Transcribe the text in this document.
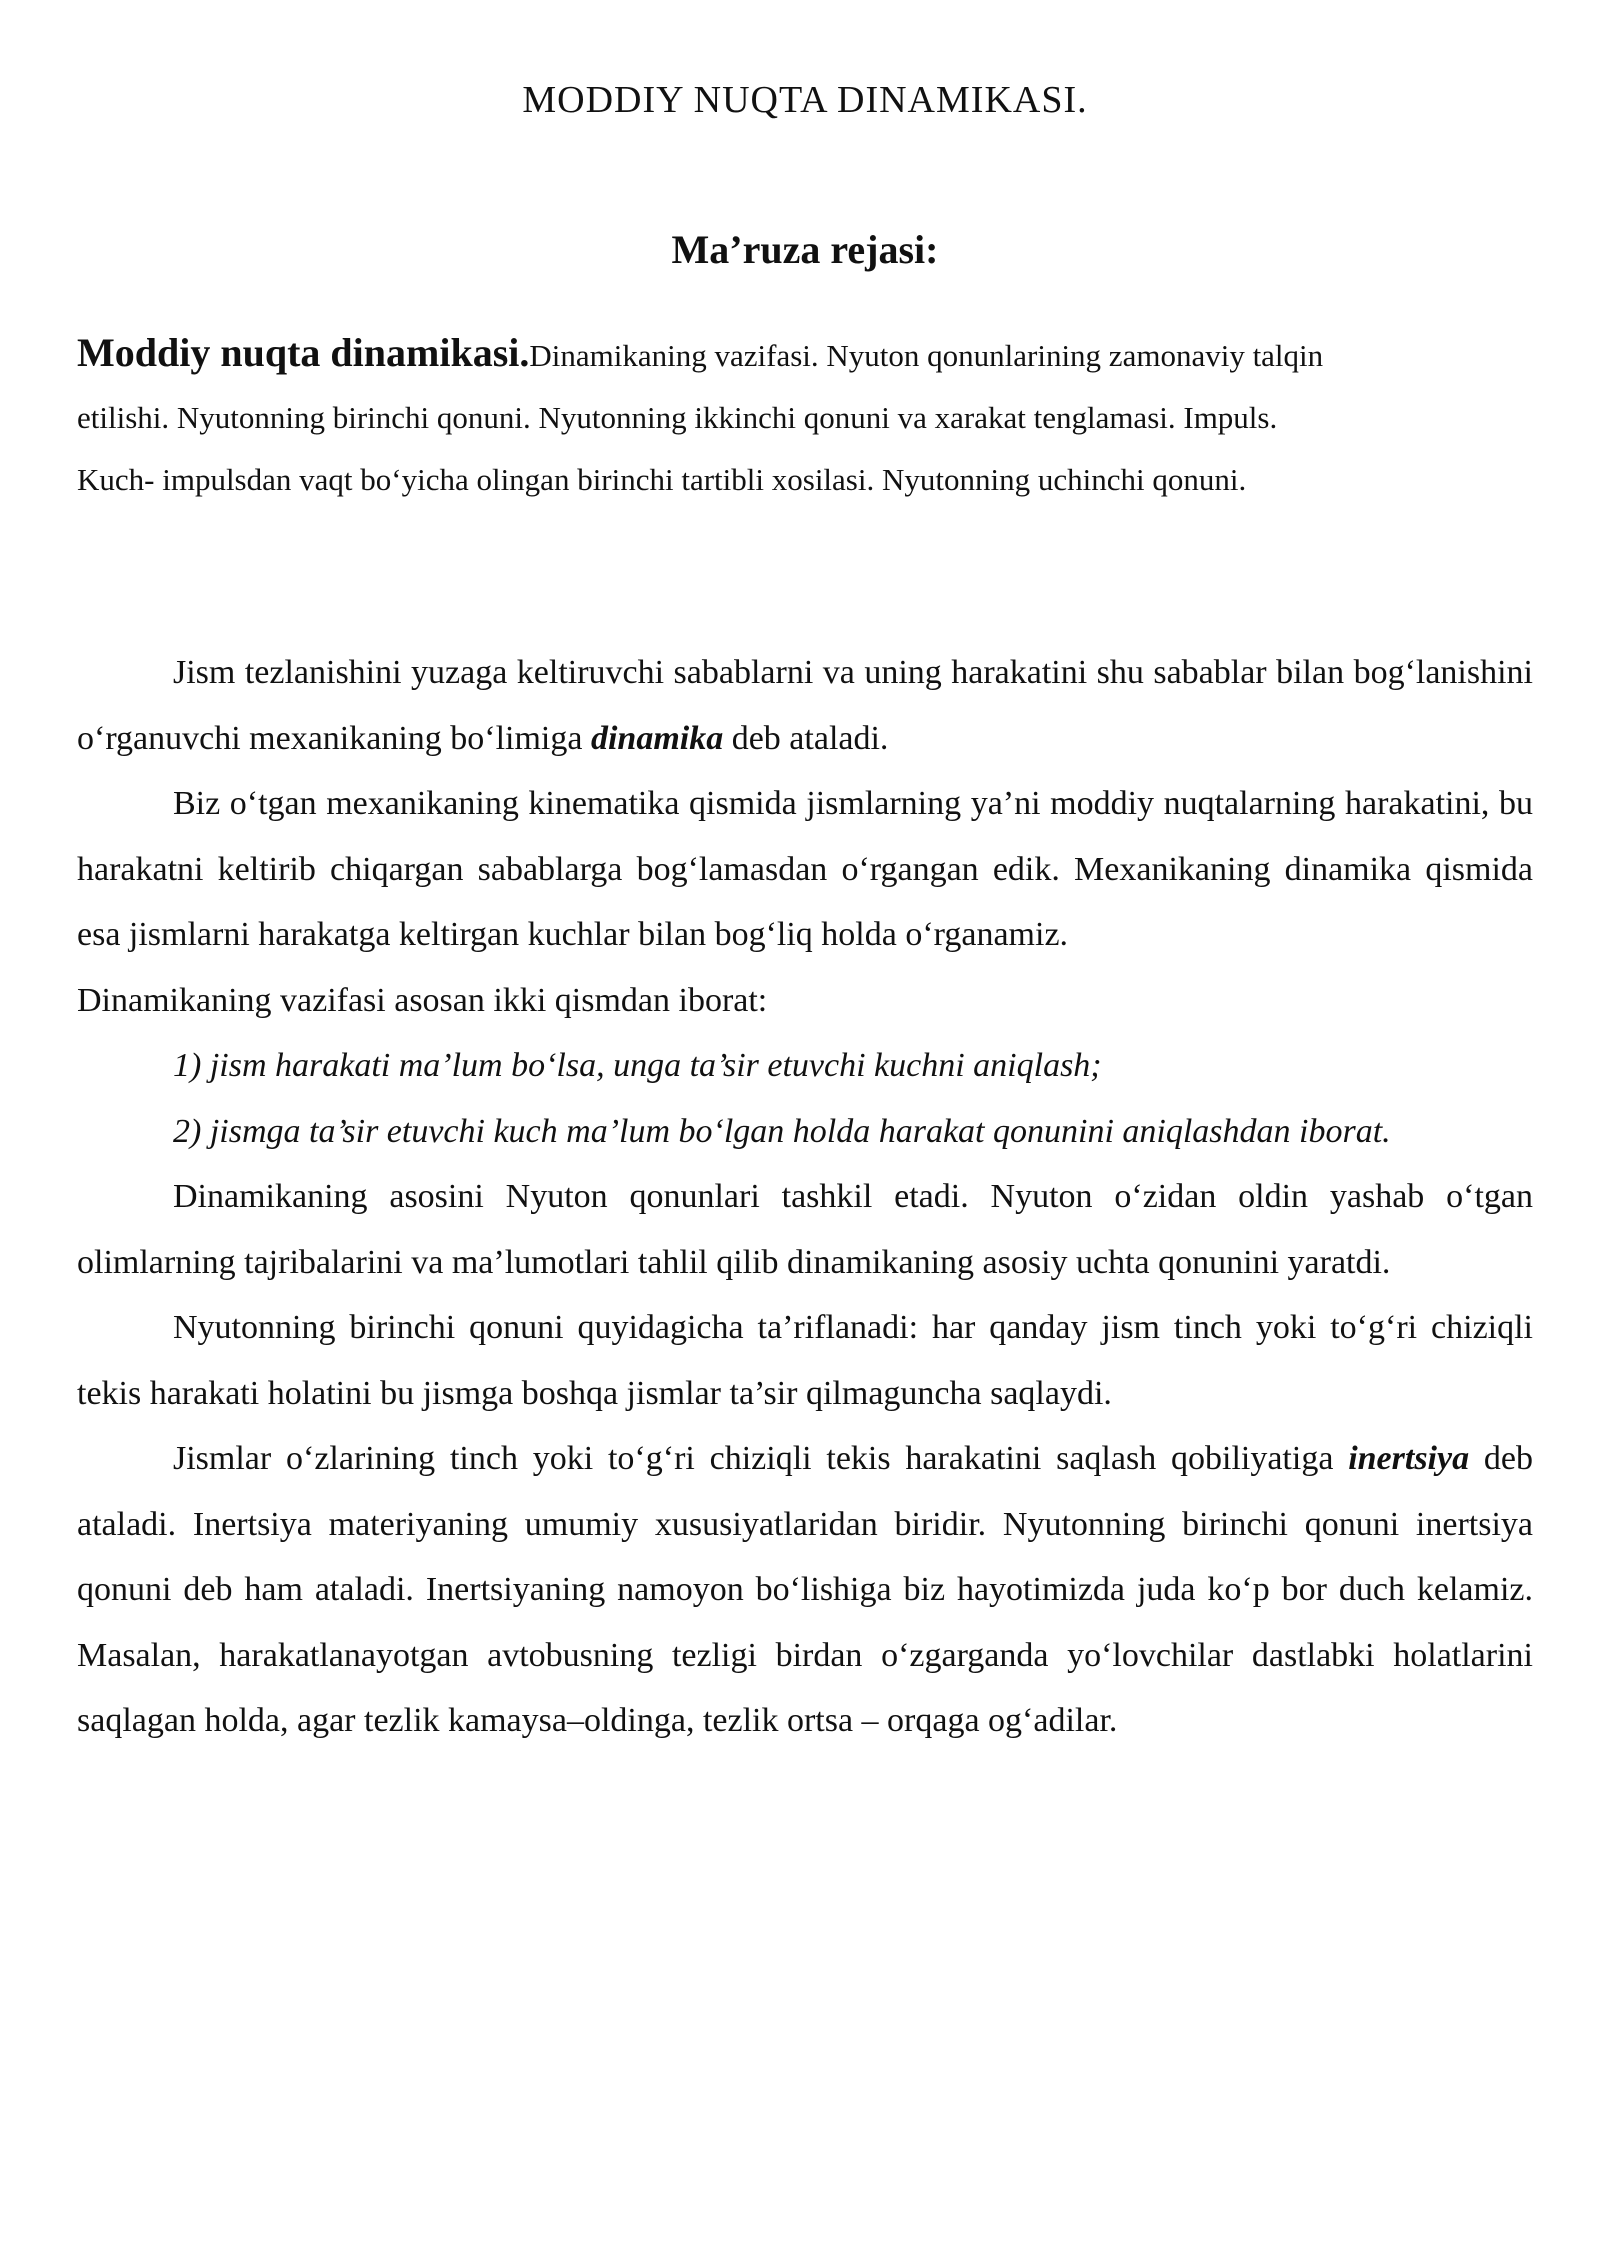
MODDIY NUQTA DINAMIKASI.
Ma’ruza rejasi:
Moddiy nuqta dinamikasi.Dinamikaning vazifasi. Nyuton qonunlarining zamonaviy talqin
etilishi. Nyutonning birinchi qonuni. Nyutonning ikkinchi qonuni va xarakat tenglamasi. Impuls.
Kuch- impulsdan vaqt bo‘yicha olingan birinchi tartibli xosilasi. Nyutonning uchinchi qonuni.

Jism tezlanishini yuzaga keltiruvchi sabablarni va uning harakatini shu sabablar bilan bog‘lanishini o‘rganuvchi mexanikaning bo‘limiga dinamika deb ataladi.

Biz o‘tgan mexanikaning kinematika qismida jismlarning ya’ni moddiy nuqtalarning harakatini, bu harakatni keltirib chiqargan sabablarga bog‘lamasdan o‘rgangan edik. Mexanikaning dinamika qismida esa jismlarni harakatga keltirgan kuchlar bilan bog‘liq holda o‘rganamiz.

Dinamikaning vazifasi asosan ikki qismdan iborat:

1) jism harakati ma’lum bo‘lsa, unga ta’sir etuvchi kuchni aniqlash;

2) jismga ta’sir etuvchi kuch ma’lum bo‘lgan holda harakat qonunini aniqlashdan iborat.

Dinamikaning asosini Nyuton qonunlari tashkil etadi. Nyuton o‘zidan oldin yashab o‘tgan olimlarning tajribalarini va ma’lumotlari tahlil qilib dinamikaning asosiy uchta qonunini yaratdi.

Nyutonning birinchi qonuni quyidagicha ta’riflanadi: har qanday jism tinch yoki to‘g‘ri chiziqli tekis harakati holatini bu jismga boshqa jismlar ta’sir qilmaguncha saqlaydi.

Jismlar o‘zlarining tinch yoki to‘g‘ri chiziqli tekis harakatini saqlash qobiliyatiga inertsiya deb ataladi. Inertsiya materiyaning umumiy xususiyatlaridan biridir. Nyutonning birinchi qonuni inertsiya qonuni deb ham ataladi. Inertsiyaning namoyon bo‘lishiga biz hayotimizda juda ko‘p bor duch kelamiz. Masalan, harakatlanayotgan avtobusning tezligi birdan o‘zgarganda yo‘lovchilar dastlabki holatlarini saqlagan holda, agar tezlik kamaysa–oldinga, tezlik ortsa – orqaga og‘adilar.
